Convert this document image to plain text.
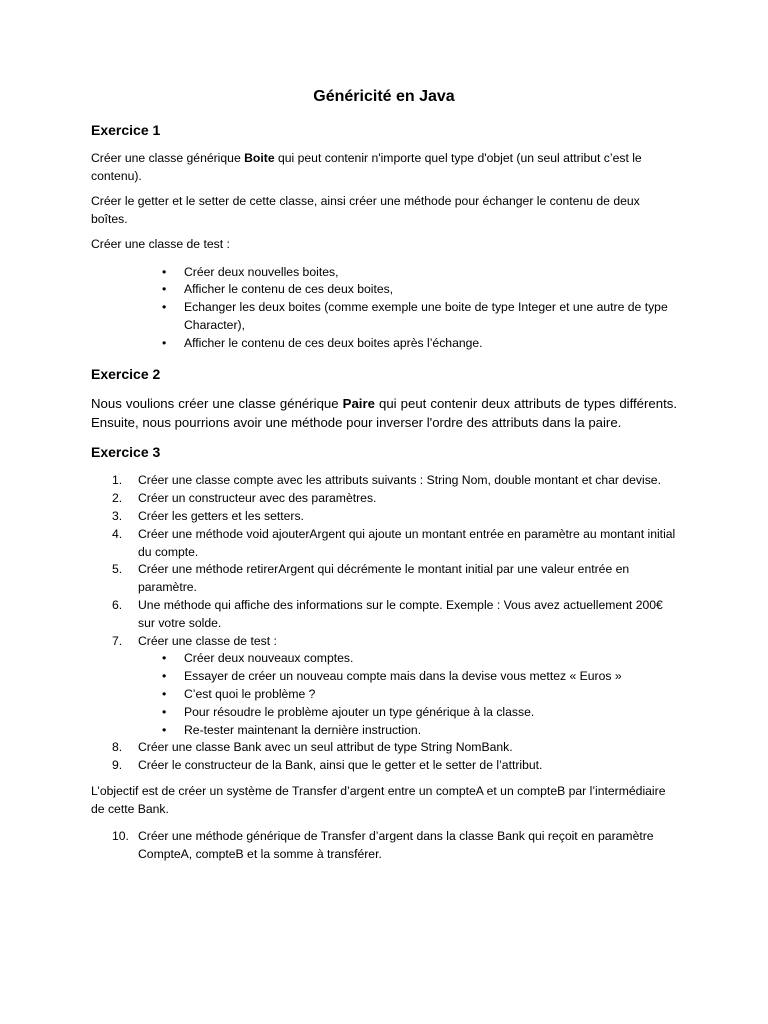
Généricité en Java
Exercice 1
Créer une classe générique Boite qui peut contenir n'importe quel type d'objet (un seul attribut c’est le contenu).
Créer le getter et le setter de cette classe, ainsi créer une méthode pour échanger le contenu de deux boîtes.
Créer une classe de test :
• Créer deux nouvelles boites,
• Afficher le contenu de ces deux boites,
• Echanger les deux boites (comme exemple une boite de type Integer et une autre de type Character),
• Afficher le contenu de ces deux boites après l’échange.
Exercice 2
Nous voulions créer une classe générique Paire qui peut contenir deux attributs de types différents. Ensuite, nous pourrions avoir une méthode pour inverser l'ordre des attributs dans la paire.
Exercice 3
1.	Créer une classe compte avec les attributs suivants : String Nom, double montant et char devise.
2.	Créer un constructeur avec des paramètres.
3.	Créer les getters et les setters.
4.	Créer une méthode void ajouterArgent qui ajoute un montant entrée en paramètre au montant initial du compte.
5.	Créer une méthode retirerArgent qui décrémente le montant initial par une valeur entrée en paramètre.
6.	Une méthode qui affiche des informations sur le compte. Exemple : Vous avez actuellement 200€ sur votre solde.
7.	Créer une classe de test :
• Créer deux nouveaux comptes.
• Essayer de créer un nouveau compte mais dans la devise vous mettez « Euros »
• C’est quoi le problème ?
• Pour résoudre le problème ajouter un type générique à la classe.
• Re-tester maintenant la dernière instruction.
8.	Créer une classe Bank avec un seul attribut de type String NomBank.
9.	Créer le constructeur de la Bank, ainsi que le getter et le setter de l’attribut.
L’objectif est de créer un système de Transfer d’argent entre un compteA et un compteB par l’intermédiaire de cette Bank.
10. Créer une méthode générique de Transfer d’argent dans la classe Bank qui reçoit en paramètre CompteA, compteB et la somme à transférer.
